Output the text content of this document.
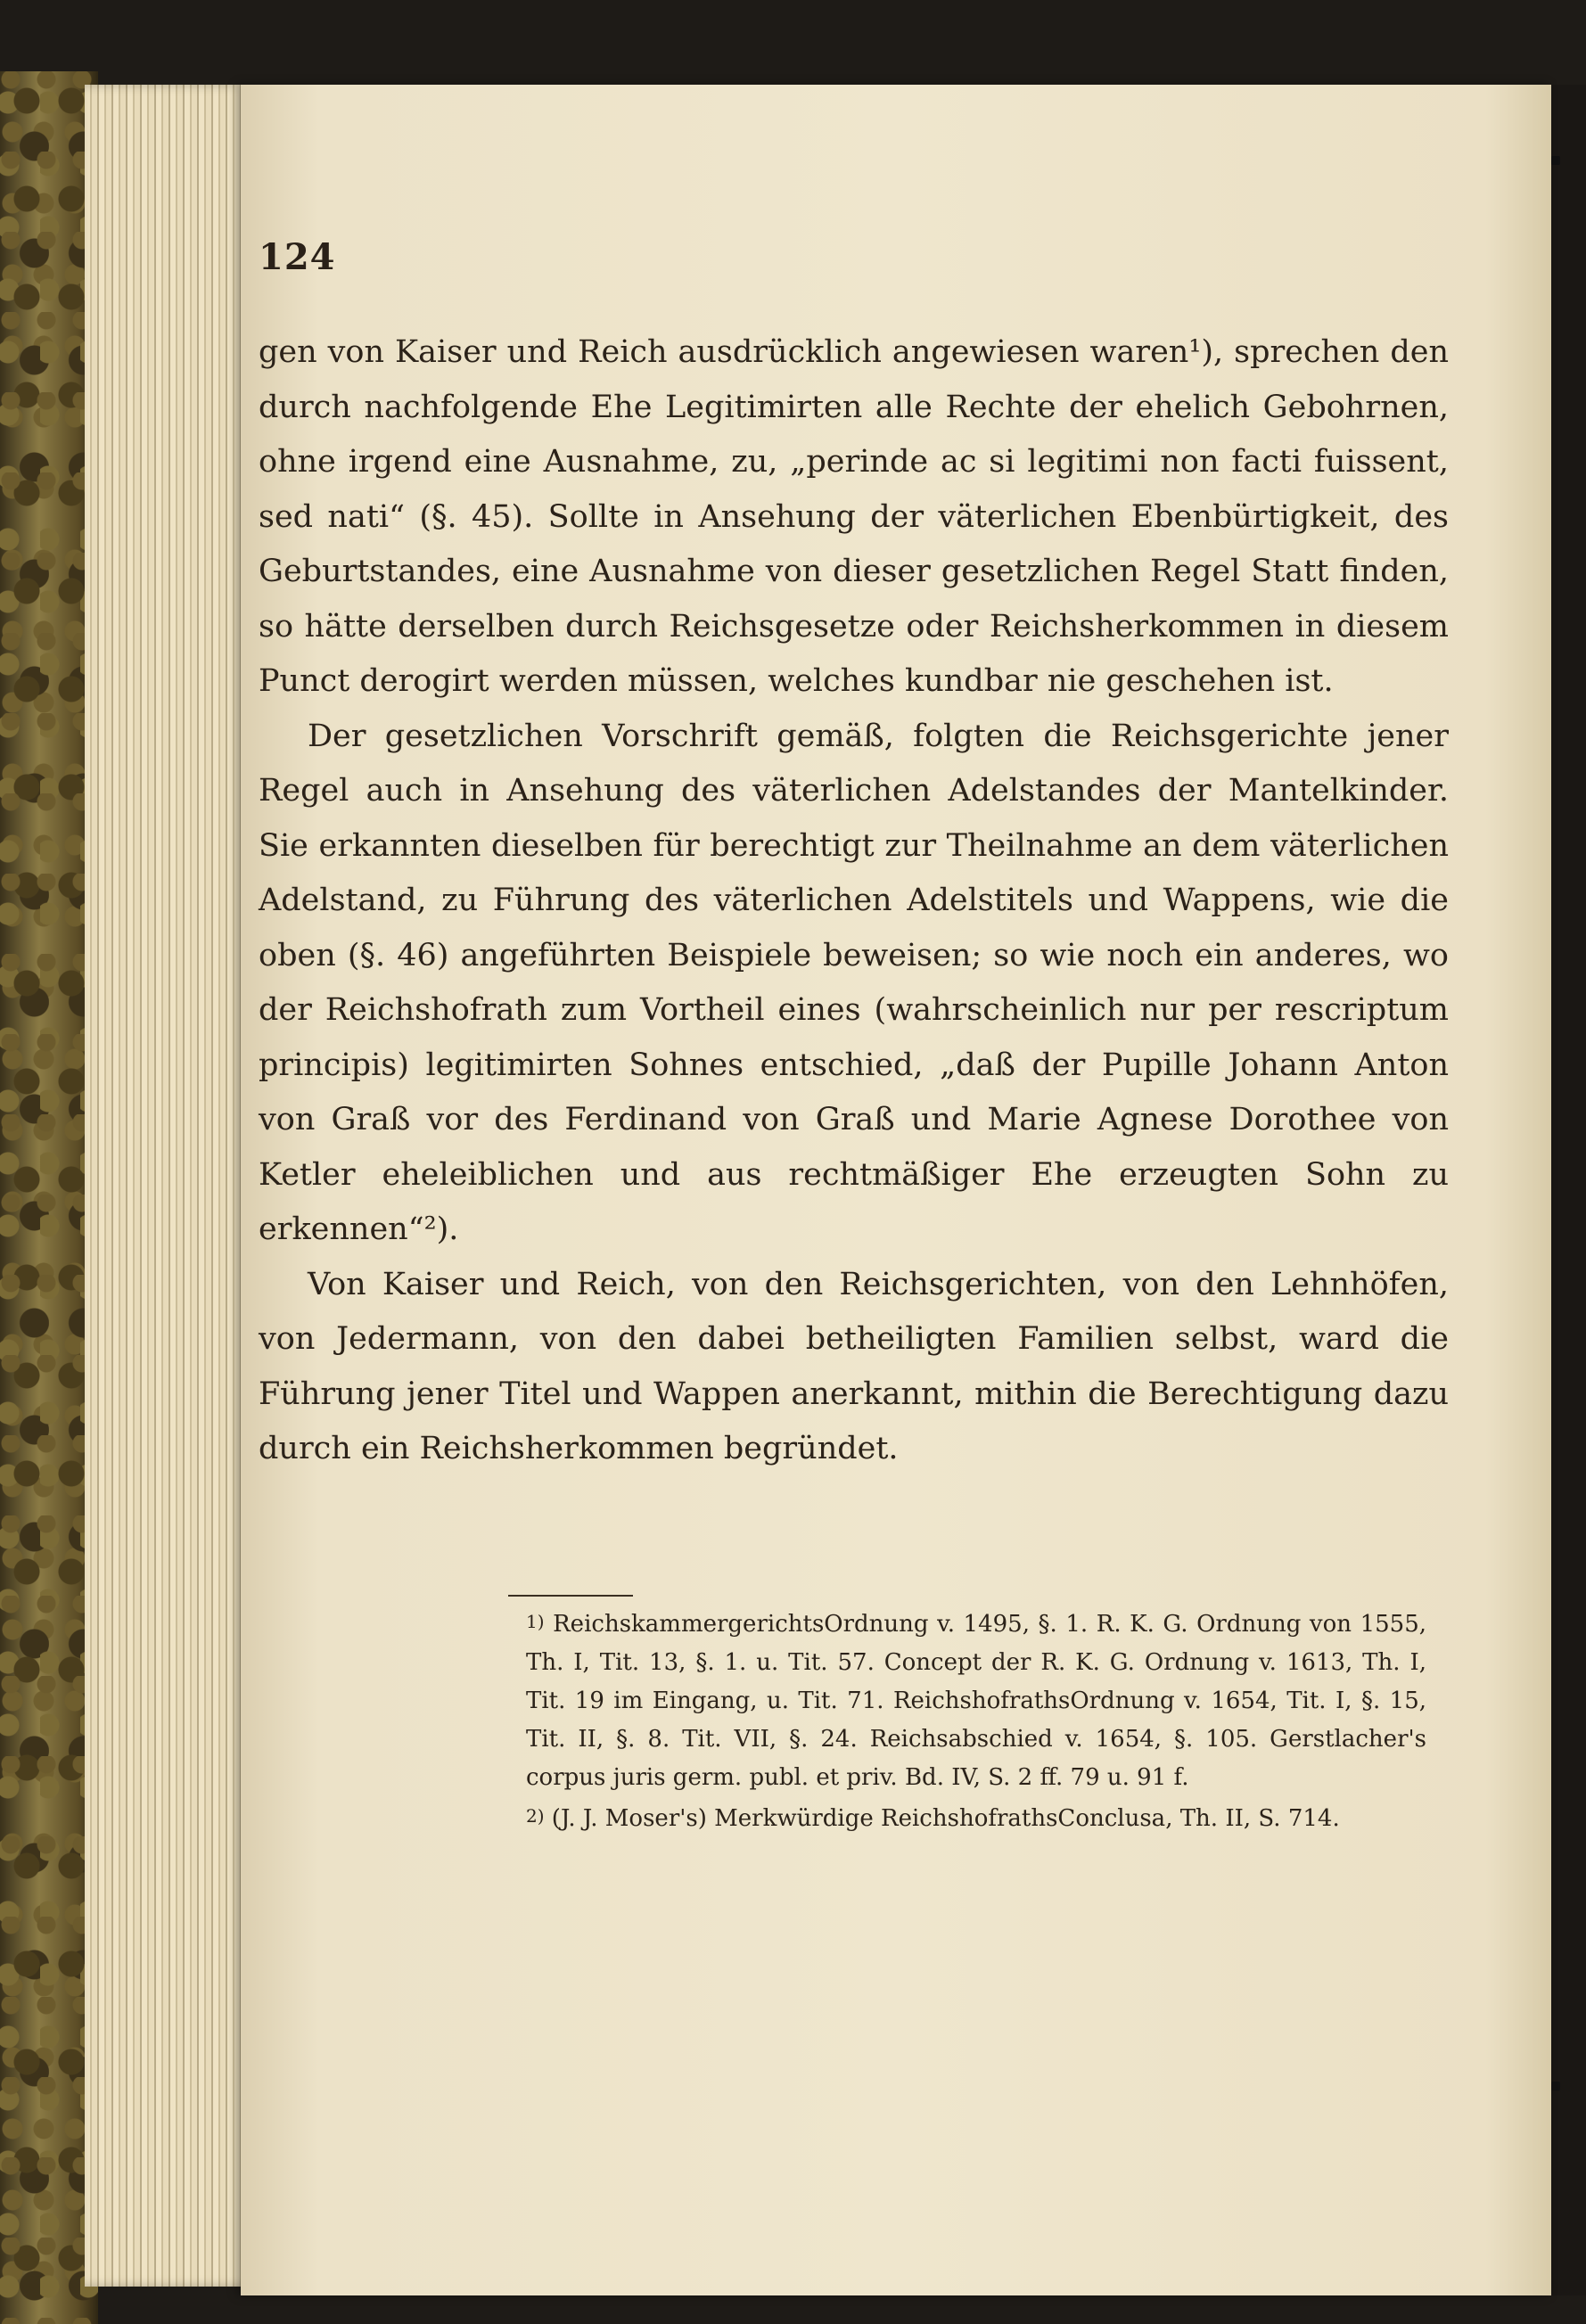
124

gen von Kaiser und Reich ausdrücklich angewiesen waren¹), sprechen den durch nachfolgende Ehe Legitimirten alle Rechte der ehelich Gebohrnen, ohne irgend eine Ausnahme, zu, „perinde ac si legitimi non facti fuissent, sed nati“ (§. 45). Sollte in Ansehung der väterlichen Ebenbürtigkeit, des Geburtstandes, eine Ausnahme von dieser gesetzlichen Regel Statt finden, so hätte derselben durch Reichsgesetze oder Reichsherkommen in diesem Punct derogirt werden müssen, welches kundbar nie geschehen ist.

Der gesetzlichen Vorschrift gemäß, folgten die Reichsgerichte jener Regel auch in Ansehung des väterlichen Adelstandes der Mantelkinder. Sie erkannten dieselben für berechtigt zur Theilnahme an dem väterlichen Adelstand, zu Führung des väterlichen Adelstitels und Wappens, wie die oben (§. 46) angeführten Beispiele beweisen; so wie noch ein anderes, wo der Reichshofrath zum Vortheil eines (wahrscheinlich nur per rescriptum principis) legitimirten Sohnes entschied, „daß der Pupille Johann Anton von Graß vor des Ferdinand von Graß und Marie Agnese Dorothee von Ketler eheleiblichen und aus rechtmäßiger Ehe erzeugten Sohn zu erkennen“²).

Von Kaiser und Reich, von den Reichsgerichten, von den Lehnhöfen, von Jedermann, von den dabei betheiligten Familien selbst, ward die Führung jener Titel und Wappen anerkannt, mithin die Berechtigung dazu durch ein Reichsherkommen begründet.

1) ReichskammergerichtsOrdnung v. 1495, §. 1. R. K. G. Ordnung von 1555, Th. I, Tit. 13, §. 1. u. Tit. 57. Concept der R. K. G. Ordnung v. 1613, Th. I, Tit. 19 im Eingang, u. Tit. 71. ReichshofrathsOrdnung v. 1654, Tit. I, §. 15, Tit. II, §. 8. Tit. VII, §. 24. Reichsabschied v. 1654, §. 105. Gerstlacher's corpus juris germ. publ. et priv. Bd. IV, S. 2 ff. 79 u. 91 f.

2) (J. J. Moser's) Merkwürdige ReichshofrathsConclusa, Th. II, S. 714.
